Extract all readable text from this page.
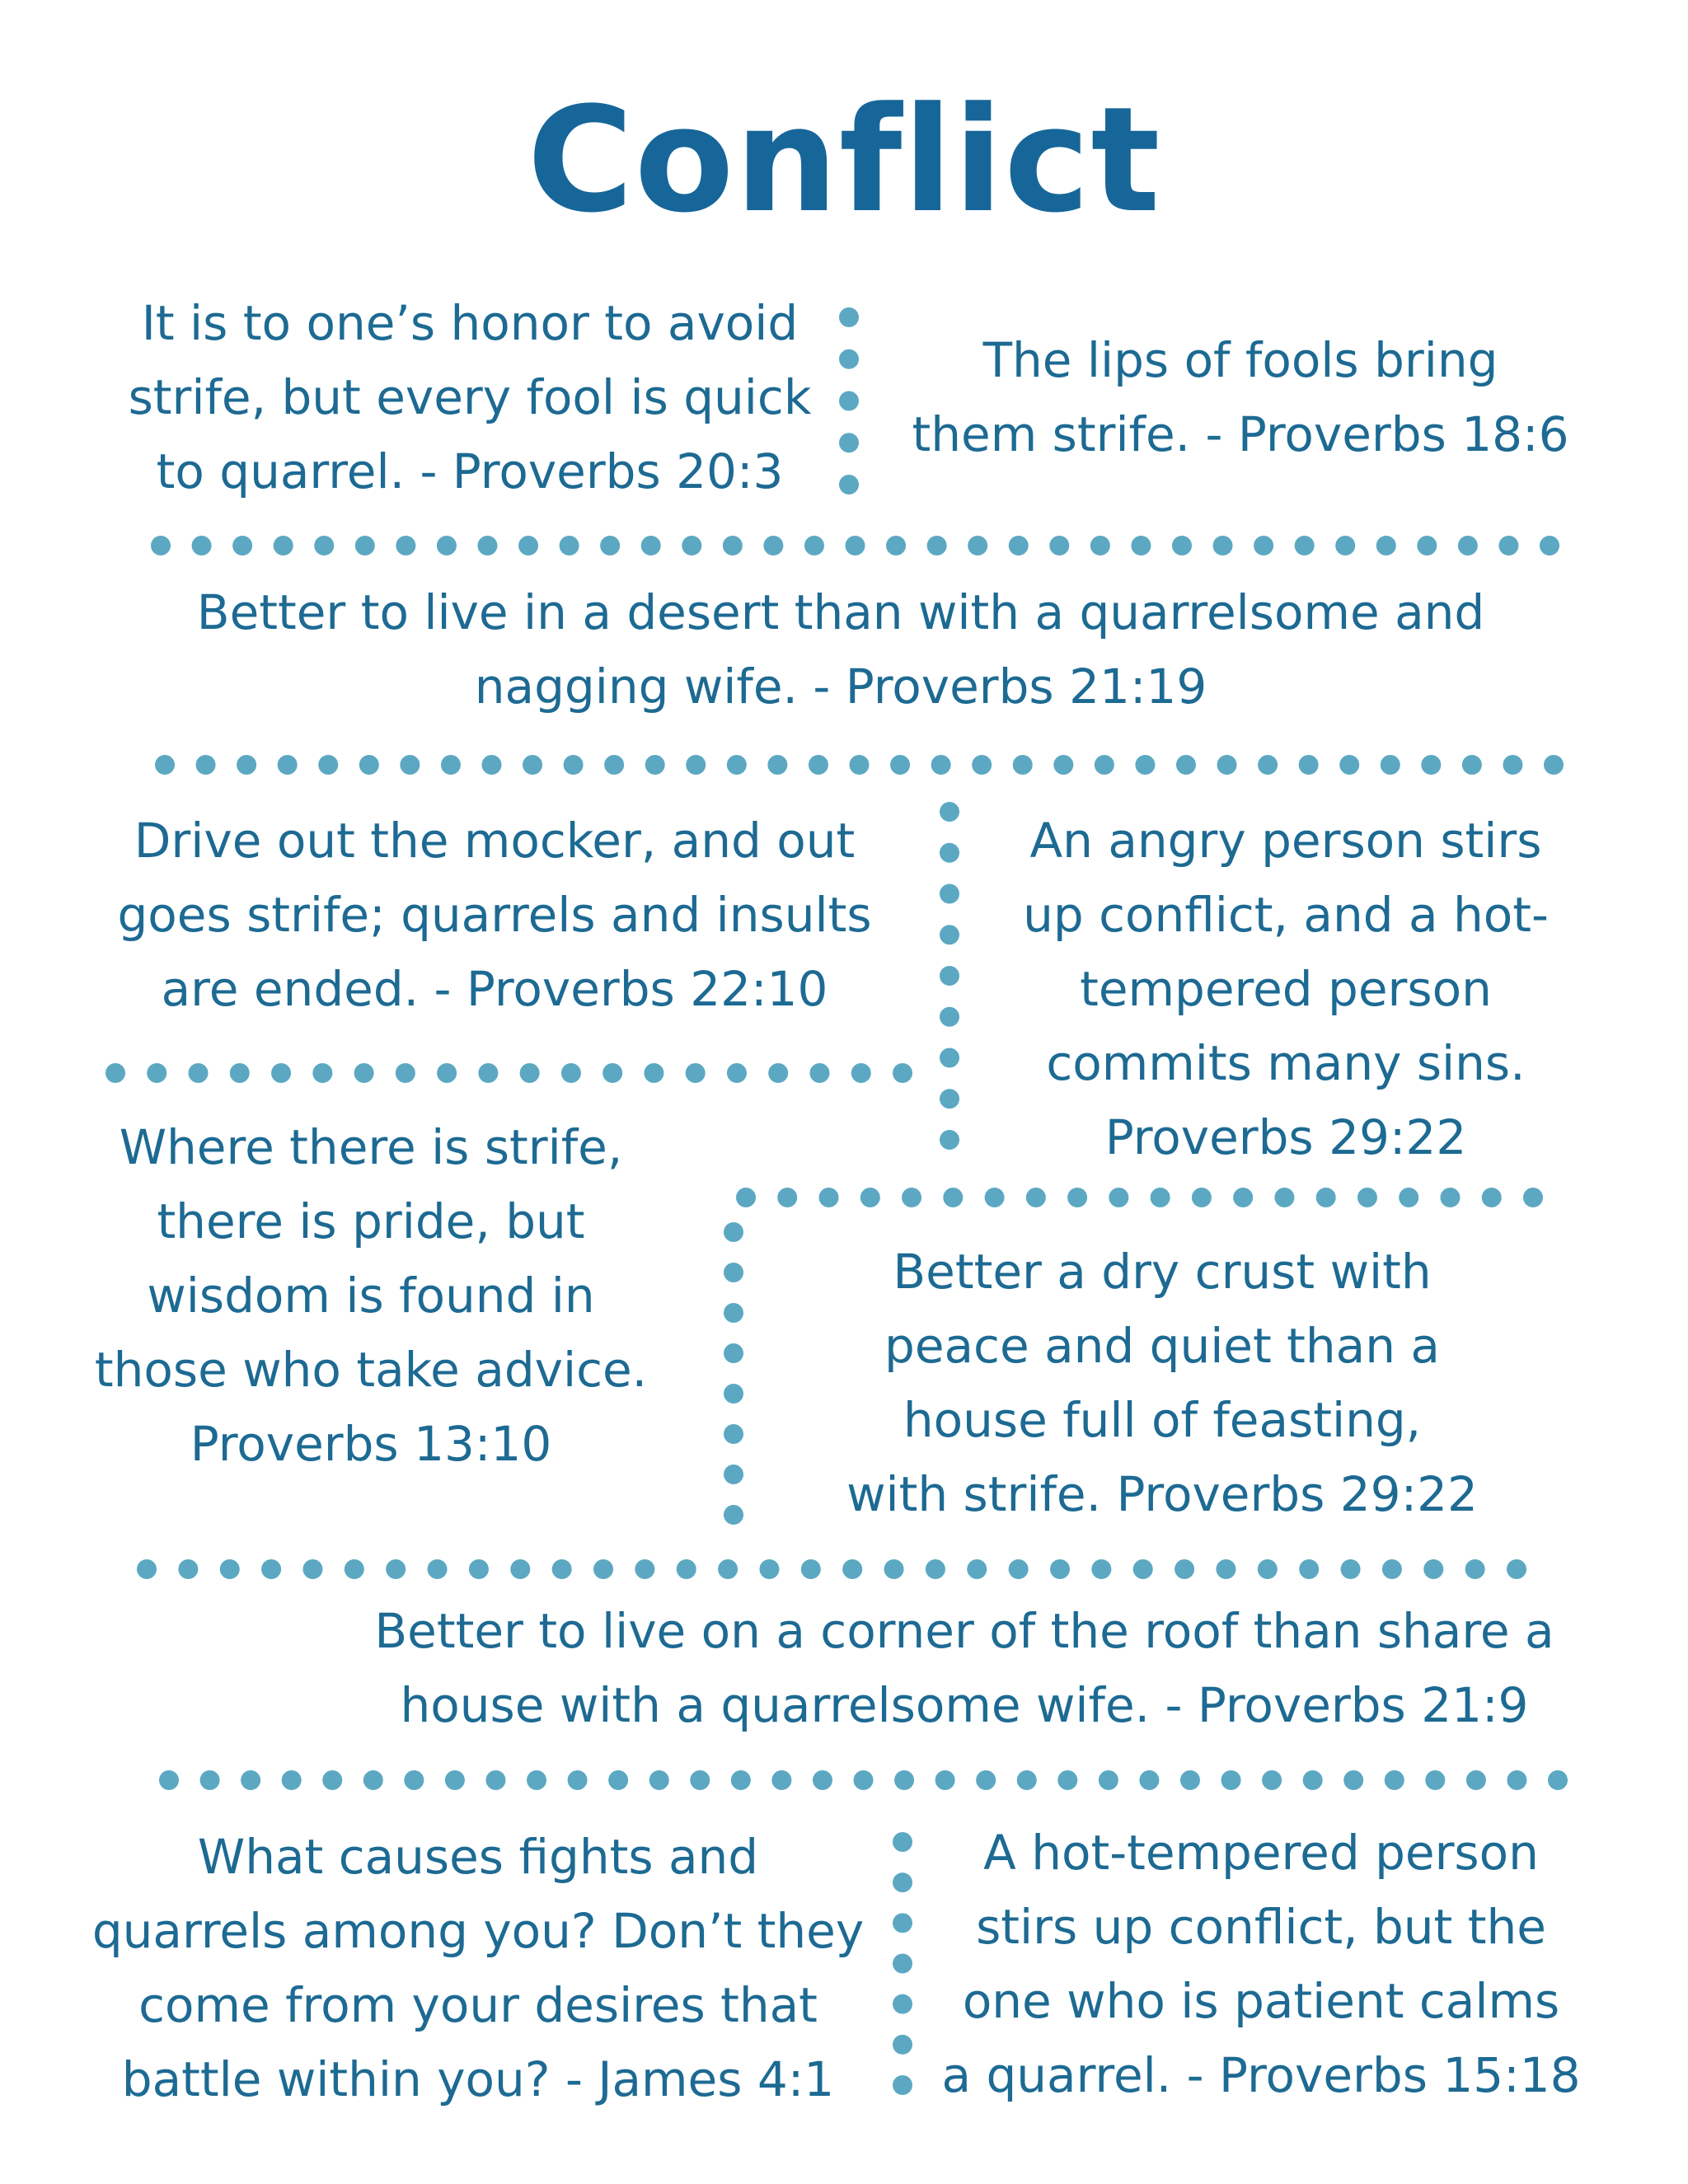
Conflict

It is to one’s honor to avoid
strife, but every fool is quick
to quarrel. - Proverbs 20:3

The lips of fools bring
them strife. - Proverbs 18:6

Better to live in a desert than with a quarrelsome and
nagging wife. - Proverbs 21:19

Drive out the mocker, and out
goes strife; quarrels and insults
are ended. - Proverbs 22:10

An angry person stirs
up conflict, and a hot-
tempered person
commits many sins.
Proverbs 29:22

Where there is strife,
there is pride, but
wisdom is found in
those who take advice.
Proverbs 13:10

Better a dry crust with
peace and quiet than a
house full of feasting,
with strife. Proverbs 29:22

Better to live on a corner of the roof than share a
house with a quarrelsome wife. - Proverbs 21:9

What causes fights and
quarrels among you? Don’t they
come from your desires that
battle within you? - James 4:1

A hot-tempered person
stirs up conflict, but the
one who is patient calms
a quarrel. - Proverbs 15:18
